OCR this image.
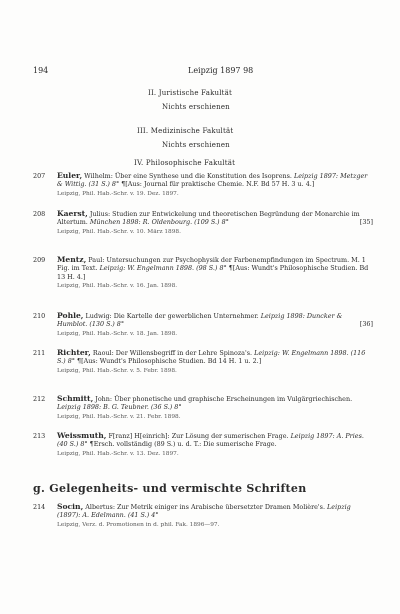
194	Leipzig 1897 98
II. Juristische Fakultät
Nichts erschienen
III. Medizinische Fakultät
Nichts erschienen
IV. Philosophische Fakultät
207	Euler, Wilhelm: Über eine Synthese und die Konstitution des Isoprens. Leipzig 1897: Metzger & Wittig. (31 S.) 8° ¶[Aus: Journal für praktische Chemie. N.F. Bd 57 H. 3 u. 4.]
Leipzig, Phil. Hab.-Schr. v. 19. Dez. 1897.
208	Kaerst, Julius: Studien zur Entwickelung und theoretischen Begründung der Monarchie im Altertum. München 1898: R. Oldenbourg. (109 S.) 8°	[35]

Leipzig, Phil. Hab.-Schr. v. 10. März 1898.
209	Mentz, Paul: Untersuchungen zur Psychophysik der Farbenempfindungen im Spectrum. M. 1 Fig. im Text. Leipzig: W. Engelmann 1898. (98 S.) 8° ¶[Aus: Wundt's Philosophische Studien. Bd 13 H. 4.]
Leipzig, Phil. Hab.-Schr. v. 16. Jan. 1898.
210	Pohle, Ludwig: Die Kartelle der gewerblichen Unternehmer. Leipzig 1898: Duncker & Humblot. (130 S.) 8°	[36]

Leipzig, Phil. Hab.-Schr. v. 18. Jan. 1898.
211	Richter, Raoul: Der Willensbegriff in der Lehre Spinoza's. Leipzig: W. Engelmann 1898. (116 S.) 8° ¶[Aus: Wundt's Philosophische Studien. Bd 14 H. 1 u. 2.]
Leipzig, Phil. Hab.-Schr. v. 5. Febr. 1898.
212	Schmitt, John: Über phonetische und graphische Erscheinungen im Vulgärgriechischen. Leipzig 1898: B. G. Teubner. (36 S.) 8°
Leipzig, Phil. Hab.-Schr. v. 21. Febr. 1898.
213	Weissmuth, F[ranz] H[einrich]: Zur Lösung der sumerischen Frage. Leipzig 1897: A. Pries. (40 S.) 8° ¶Ersch. vollständig (89 S.) u. d. T.: Die sumerische Frage.
Leipzig, Phil. Hab.-Schr. v. 13. Dez. 1897.
g. Gelegenheits- und vermischte Schriften
214	Socin, Albertus: Zur Metrik einiger ins Arabische übersetzter Dramen Molière's. Leipzig (1897): A. Edelmann. (41 S.) 4°
Leipzig, Verz. d. Promotionen in d. phil. Fak. 1896—97.
